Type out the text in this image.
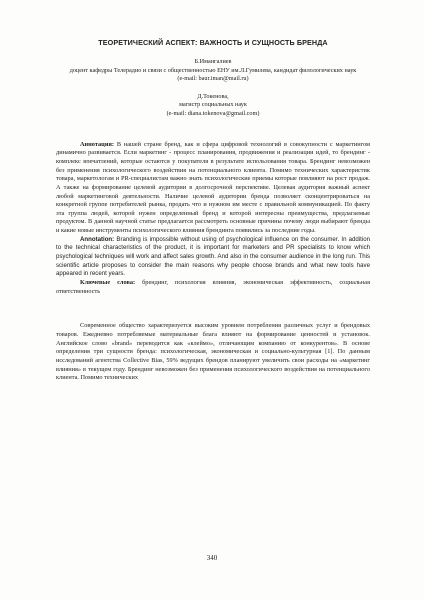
ТЕОРЕТИЧЕСКИЙ АСПЕКТ: ВАЖНОСТЬ И СУЩНОСТЬ БРЕНДА

Б.Имангалиев

доцент кафедры Телерадио и связи с общественностью ЕНУ им.Л.Гумилева, кандидат филологических наук

(e-mail: baur.iman@mail.ru)

Д.Токенова,

магистр социальных наук

(e-mail: diana.tokenova@gmail.com)

Аннотация: В нашей стране бренд, как и сфера цифровой технологий в совокупности с маркетингом динамично развивается. Если маркетинг - процесс планирования, продвижения и реализации идей, то брендинг - комплекс впечатлений, которые остаются у покупателя в результате использования товара. Брендинг невозможен без применения психологического воздействия на потенциального клиента. Помимо технических характеристик товара, маркетологам и PR-специалистам важно знать психологические приемы которые повлияют на рост продаж. А также на формирование целевой аудитории в долгосрочной перспективе. Целевая аудитория важный аспект любой маркетинговой деятельности. Наличие целевой аудитории бренда позволяет сконцентрироваться на конкретной группе потребителей рынка, продать что и нужном им месте с правильной коммуникацией. По факту эта группа людей, которой нужен определенный бренд и которой интересны преимущества, предлагаемые продуктом. В данной научной статье предлагается рассмотреть основные причины почему люди выбирают бренды и какие новые инструменты психологического влияния брендинга появились за последние годы.

Annotation: Branding is impossible without using of psychological influence on the consumer. In addition to the technical characteristics of the product, it is important for marketers and PR specialists to know which psychological techniques will work and affect sales growth. And also in the consumer audience in the long run. This scientific article proposes to consider the main reasons why people choose brands and what new tools have appeared in recent years.

Ключевые слова: брендинг, психология влияния, экономическая эффективность, социальная ответственность

Современное общество характеризуется высоким уровнем потребления различных услуг и брендовых товаров. Ежедневно потребляемые материальные блага влияют на формирование ценностей и установок. Английское слово «brand» переводится как «клеймо», отличающим компанию от конкурентов». В основе определения три сущности бренда: психологическая, экономическая и социально-культурная [1]. По данным исследований агентства Collective Bias, 59% ведущих брендов планируют увеличить свои расходы на «маркетинг влияния» в текущем году. Брендинг невозможен без применения психологического воздействия на потенциального клиента. Помимо технических

340
